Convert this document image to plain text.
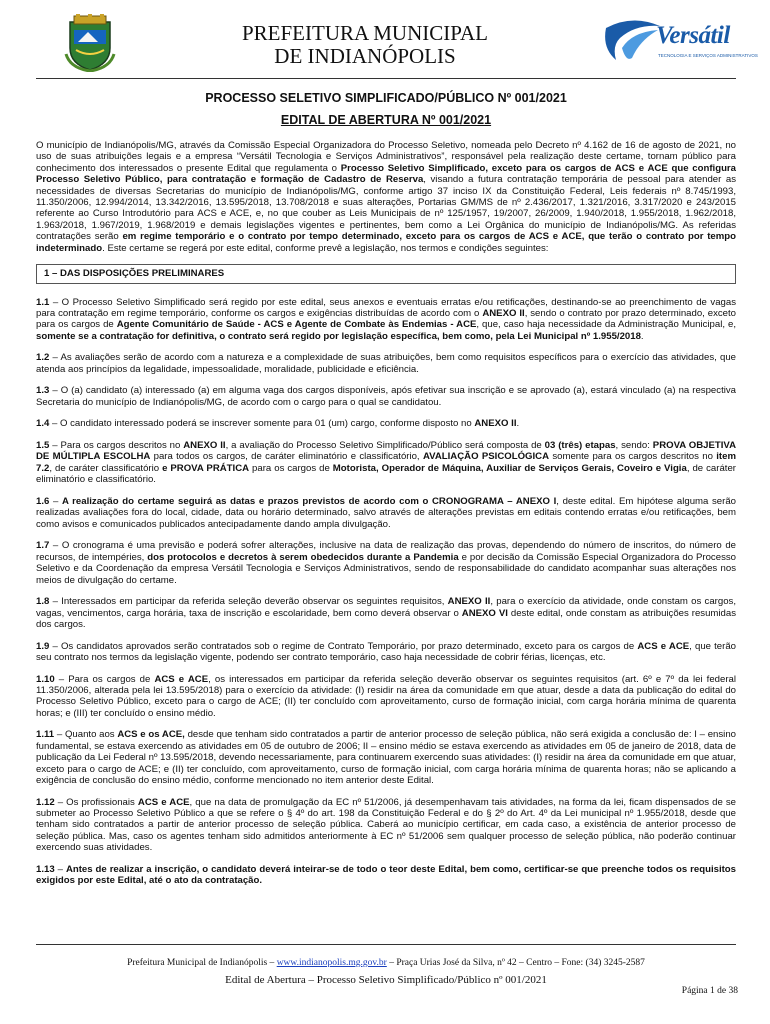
PREFEITURA MUNICIPAL
DE INDIANÓPOLIS
Versátil
TECNOLOGIA E SERVIÇOS ADMINISTRATIVOS
PROCESSO SELETIVO SIMPLIFICADO/PÚBLICO Nº 001/2021
EDITAL DE ABERTURA Nº 001/2021

O município de Indianópolis/MG, através da Comissão Especial Organizadora do Processo Seletivo, nomeada pelo Decreto nº 4.162 de 16 de agosto de 2021, no uso de suas atribuições legais e a empresa “Versátil Tecnologia e Serviços Administrativos”, responsável pela realização deste certame, tornam público para conhecimento dos interessados o presente Edital que regulamenta o Processo Seletivo Simplificado, exceto para os cargos de ACS e ACE que configura Processo Seletivo Público, para contratação e formação de Cadastro de Reserva, visando a futura contratação temporária de pessoal para atender as necessidades de diversas Secretarias do município de Indianópolis/MG, conforme artigo 37 inciso IX da Constituição Federal, Leis federais nº 8.745/1993, 11.350/2006, 12.994/2014, 13.342/2016, 13.595/2018, 13.708/2018 e suas alterações, Portarias GM/MS de nº 2.436/2017, 1.321/2016, 3.317/2020 e 243/2015 referente ao Curso Introdutório para ACS e ACE, e, no que couber as Leis Municipais de nº 125/1957, 19/2007, 26/2009, 1.940/2018, 1.955/2018, 1.962/2018, 1.963/2018, 1.967/2019, 1.968/2019 e demais legislações vigentes e pertinentes, bem como a Lei Orgânica do município de Indianópolis/MG. As referidas contratações serão em regime temporário e o contrato por tempo determinado, exceto para os cargos de ACS e ACE, que terão o contrato por tempo indeterminado. Este certame se regerá por este edital, conforme prevê a legislação, nos termos e condições seguintes:

1 – DAS DISPOSIÇÕES PRELIMINARES

1.1 – O Processo Seletivo Simplificado será regido por este edital, seus anexos e eventuais erratas e/ou retificações, destinando-se ao preenchimento de vagas para contratação em regime temporário, conforme os cargos e exigências distribuídas de acordo com o ANEXO II, sendo o contrato por prazo determinado, exceto para os cargos de Agente Comunitário de Saúde - ACS e Agente de Combate às Endemias - ACE, que, caso haja necessidade da Administração Municipal, e, somente se a contratação for definitiva, o contrato será regido por legislação específica, bem como, pela Lei Municipal nº 1.955/2018.

1.2 – As avaliações serão de acordo com a natureza e a complexidade de suas atribuições, bem como requisitos específicos para o exercício das atividades, que atenda aos princípios da legalidade, impessoalidade, moralidade, publicidade e eficiência.

1.3 – O (a) candidato (a) interessado (a) em alguma vaga dos cargos disponíveis, após efetivar sua inscrição e se aprovado (a), estará vinculado (a) na respectiva Secretaria do município de Indianópolis/MG, de acordo com o cargo para o qual se candidatou.

1.4 – O candidato interessado poderá se inscrever somente para 01 (um) cargo, conforme disposto no ANEXO II.

1.5 – Para os cargos descritos no ANEXO II, a avaliação do Processo Seletivo Simplificado/Público será composta de 03 (três) etapas, sendo: PROVA OBJETIVA DE MÚLTIPLA ESCOLHA para todos os cargos, de caráter eliminatório e classificatório, AVALIAÇÃO PSICOLÓGICA somente para os cargos descritos no item 7.2, de caráter classificatório e PROVA PRÁTICA para os cargos de Motorista, Operador de Máquina, Auxiliar de Serviços Gerais, Coveiro e Vigia, de caráter eliminatório e classificatório.

1.6 – A realização do certame seguirá as datas e prazos previstos de acordo com o CRONOGRAMA – ANEXO I, deste edital. Em hipótese alguma serão realizadas avaliações fora do local, cidade, data ou horário determinado, salvo através de alterações previstas em editais contendo erratas e/ou retificações, bem como avisos e comunicados publicados antecipadamente dando ampla divulgação.

1.7 – O cronograma é uma previsão e poderá sofrer alterações, inclusive na data de realização das provas, dependendo do número de inscritos, do número de recursos, de intempéries, dos protocolos e decretos à serem obedecidos durante a Pandemia e por decisão da Comissão Especial Organizadora do Processo Seletivo e da Coordenação da empresa Versátil Tecnologia e Serviços Administrativos, sendo de responsabilidade do candidato acompanhar suas alterações nos meios de divulgação do certame.

1.8 – Interessados em participar da referida seleção deverão observar os seguintes requisitos, ANEXO II, para o exercício da atividade, onde constam os cargos, vagas, vencimentos, carga horária, taxa de inscrição e escolaridade, bem como deverá observar o ANEXO VI deste edital, onde constam as atribuições resumidas dos cargos.

1.9 – Os candidatos aprovados serão contratados sob o regime de Contrato Temporário, por prazo determinado, exceto para os cargos de ACS e ACE, que terão seu contrato nos termos da legislação vigente, podendo ser contrato temporário, caso haja necessidade de cobrir férias, licenças, etc.

1.10 – Para os cargos de ACS e ACE, os interessados em participar da referida seleção deverão observar os seguintes requisitos (art. 6º e 7º da lei federal 11.350/2006, alterada pela lei 13.595/2018) para o exercício da atividade: (I) residir na área da comunidade em que atuar, desde a data da publicação do edital do Processo Seletivo Público, exceto para o cargo de ACE; (II) ter concluído com aproveitamento, curso de formação inicial, com carga horária mínima de quarenta horas; e (III) ter concluído o ensino médio.

1.11 – Quanto aos ACS e os ACE, desde que tenham sido contratados a partir de anterior processo de seleção pública, não será exigida a conclusão de: I – ensino fundamental, se estava exercendo as atividades em 05 de outubro de 2006; II – ensino médio se estava exercendo as atividades em 05 de janeiro de 2018, data de publicação da Lei Federal nº 13.595/2018, devendo necessariamente, para continuarem exercendo suas atividades: (I) residir na área da comunidade em que atuar, exceto para o cargo de ACE; e (II) ter concluído, com aproveitamento, curso de formação inicial, com carga horária mínima de quarenta horas; não se aplicando a exigência de conclusão do ensino médio, conforme mencionado no item anterior deste Edital.

1.12 – Os profissionais ACS e ACE, que na data de promulgação da EC nº 51/2006, já desempenhavam tais atividades, na forma da lei, ficam dispensados de se submeter ao Processo Seletivo Público a que se refere o § 4º do art. 198 da Constituição Federal e do § 2º do Art. 4º da Lei municipal nº 1.955/2018, desde que tenham sido contratados a partir de anterior processo de seleção pública. Caberá ao município certificar, em cada caso, a existência de anterior processo de seleção pública. Mas, caso os agentes tenham sido admitidos anteriormente à EC nº 51/2006 sem qualquer processo de seleção pública, não poderão continuar exercendo suas atividades.

1.13 – Antes de realizar a inscrição, o candidato deverá inteirar-se de todo o teor deste Edital, bem como, certificar-se que preenche todos os requisitos exigidos por este Edital, até o ato da contratação.

Prefeitura Municipal de Indianópolis – www.indianopolis.mg.gov.br – Praça Urias José da Silva, nº 42 – Centro – Fone: (34) 3245-2587
Edital de Abertura – Processo Seletivo Simplificado/Público nº 001/2021
Página 1 de 38
